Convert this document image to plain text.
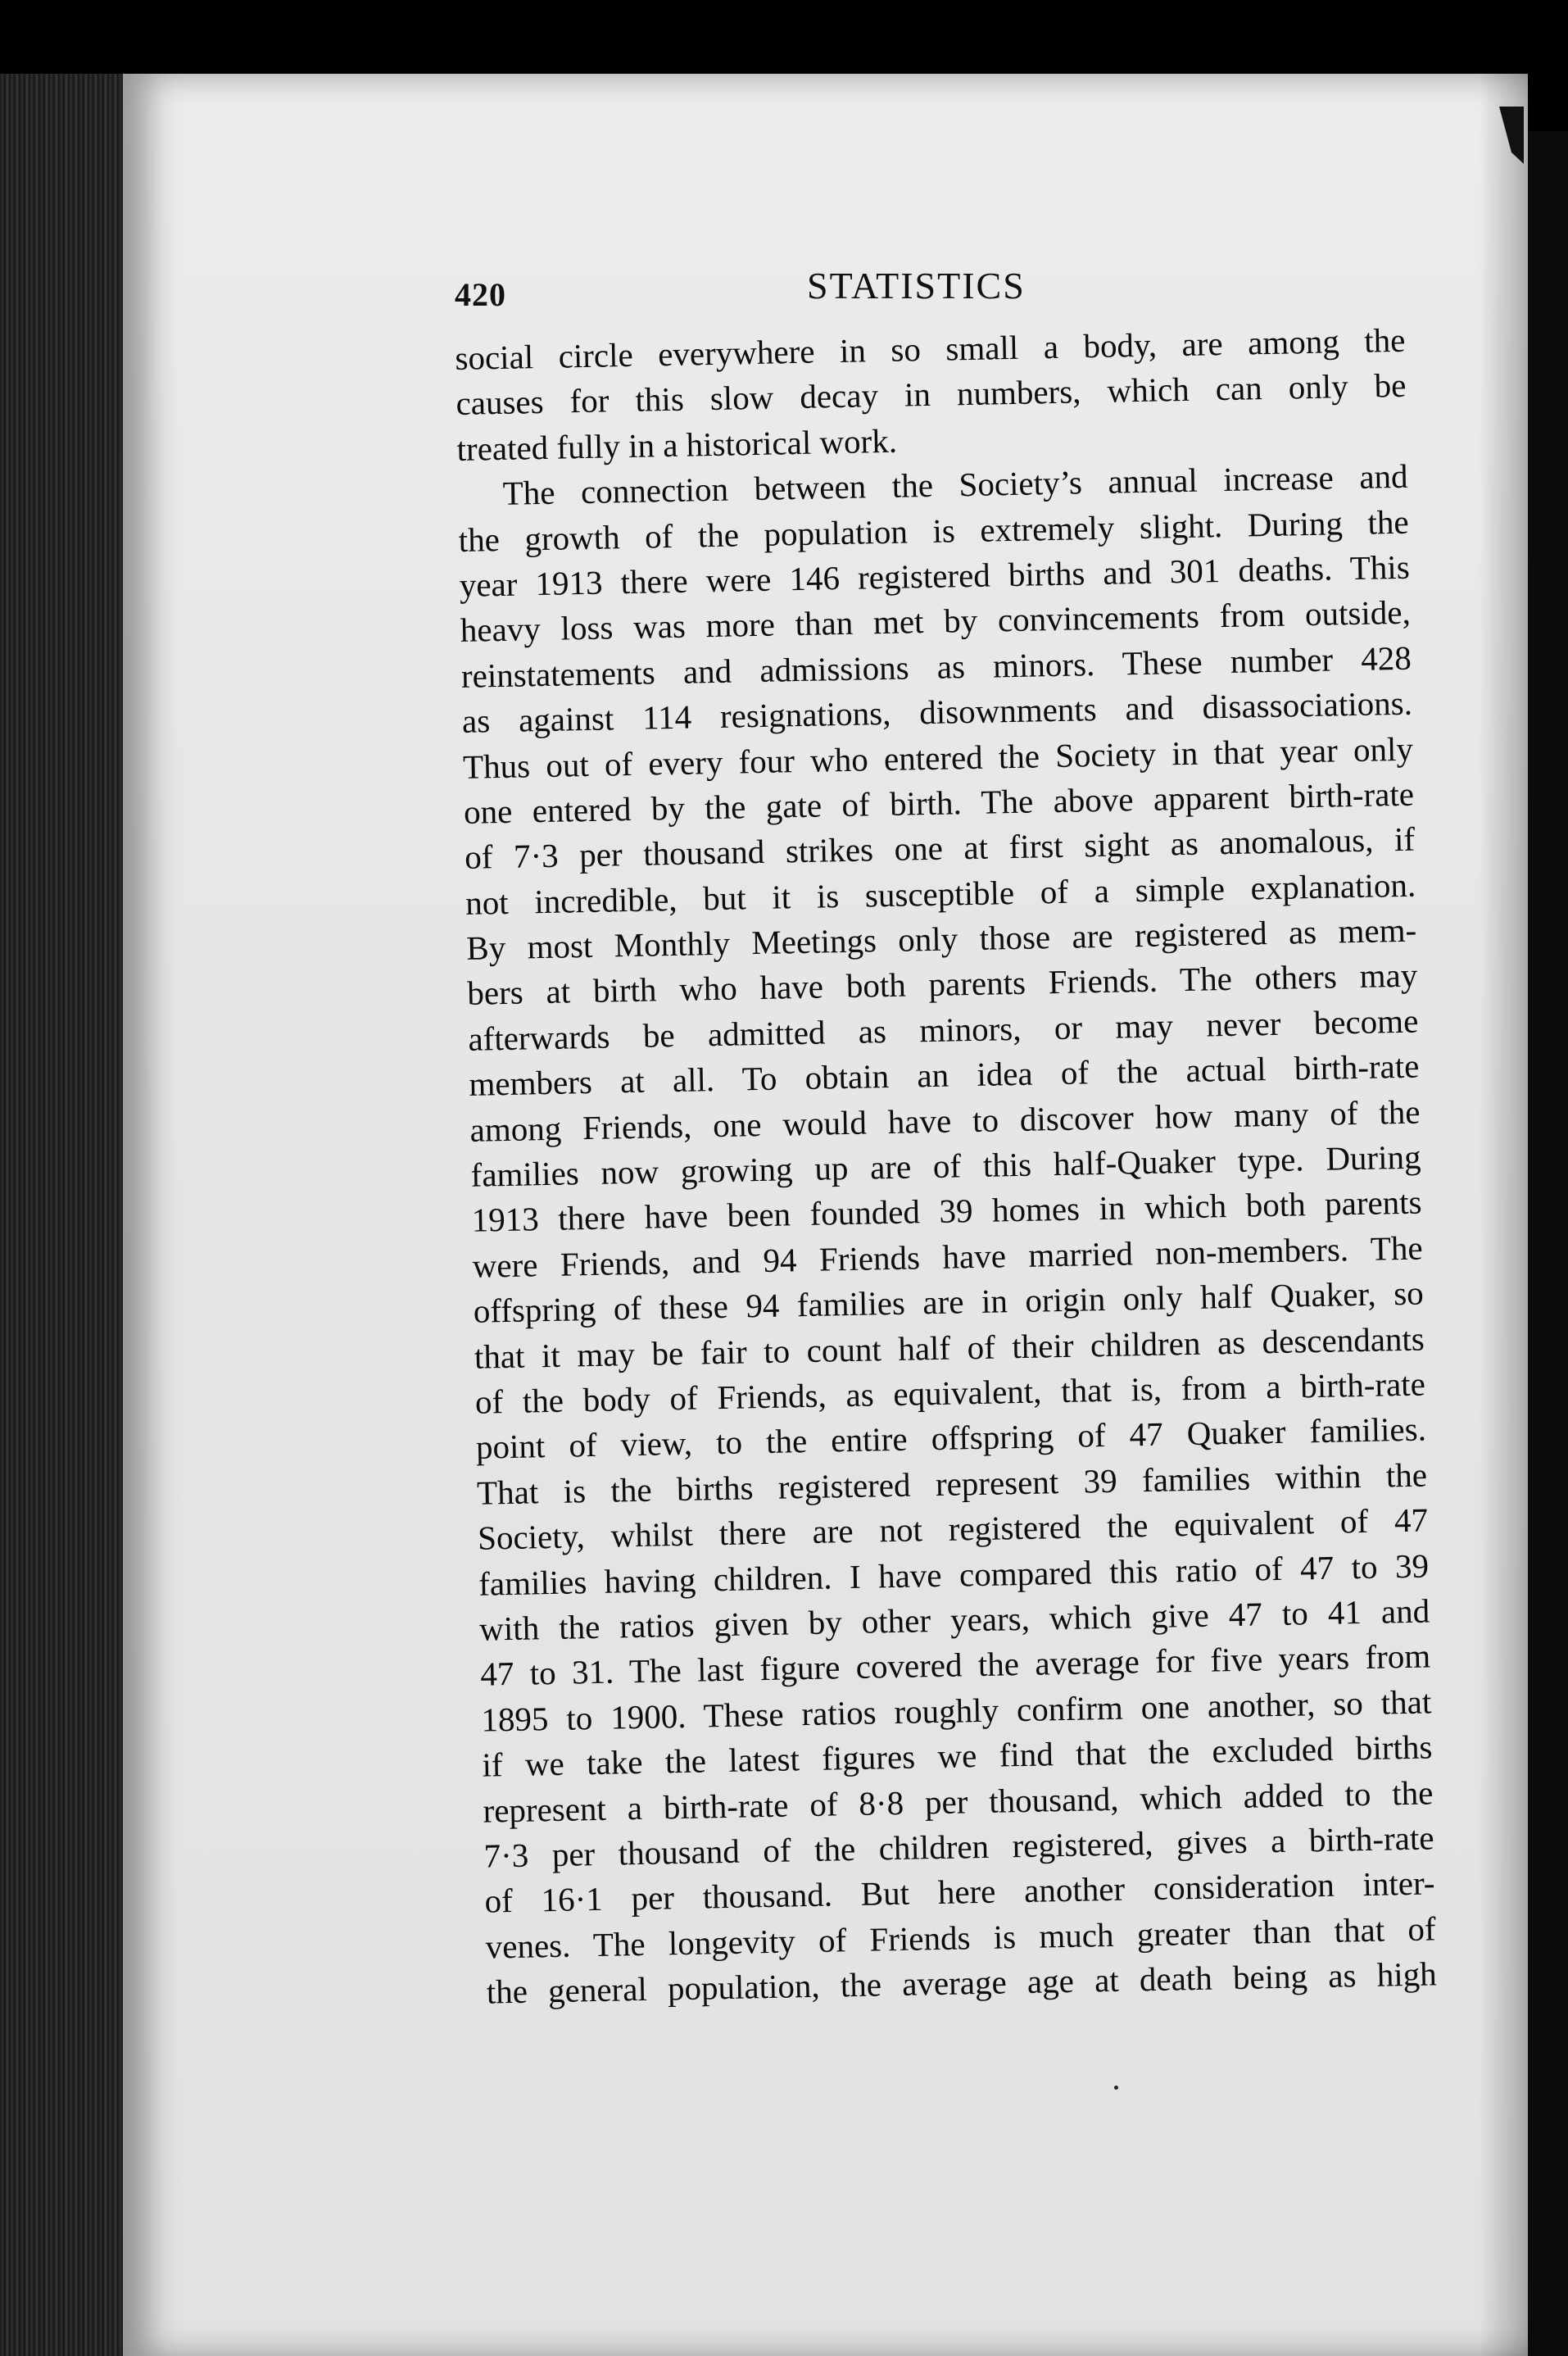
420	STATISTICS
social circle everywhere in so small a body, are among the
causes for this slow decay in numbers, which can only be
treated fully in a historical work.
The connection between the Society’s annual increase and
the growth of the population is extremely slight. During the
year 1913 there were 146 registered births and 301 deaths. This
heavy loss was more than met by convincements from outside,
reinstatements and admissions as minors. These number 428
as against 114 resignations, disownments and disassociations.
Thus out of every four who entered the Society in that year only
one entered by the gate of birth. The above apparent birth-rate
of 7·3 per thousand strikes one at first sight as anomalous, if
not incredible, but it is susceptible of a simple explanation.
By most Monthly Meetings only those are registered as mem-
bers at birth who have both parents Friends. The others may
afterwards be admitted as minors, or may never become
members at all. To obtain an idea of the actual birth-rate
among Friends, one would have to discover how many of the
families now growing up are of this half-Quaker type. During
1913 there have been founded 39 homes in which both parents
were Friends, and 94 Friends have married non-members. The
offspring of these 94 families are in origin only half Quaker, so
that it may be fair to count half of their children as descendants
of the body of Friends, as equivalent, that is, from a birth-rate
point of view, to the entire offspring of 47 Quaker families.
That is the births registered represent 39 families within the
Society, whilst there are not registered the equivalent of 47
families having children. I have compared this ratio of 47 to 39
with the ratios given by other years, which give 47 to 41 and
47 to 31. The last figure covered the average for five years from
1895 to 1900. These ratios roughly confirm one another, so that
if we take the latest figures we find that the excluded births
represent a birth-rate of 8·8 per thousand, which added to the
7·3 per thousand of the children registered, gives a birth-rate
of 16·1 per thousand. But here another consideration inter-
venes. The longevity of Friends is much greater than that of
the general population, the average age at death being as high
